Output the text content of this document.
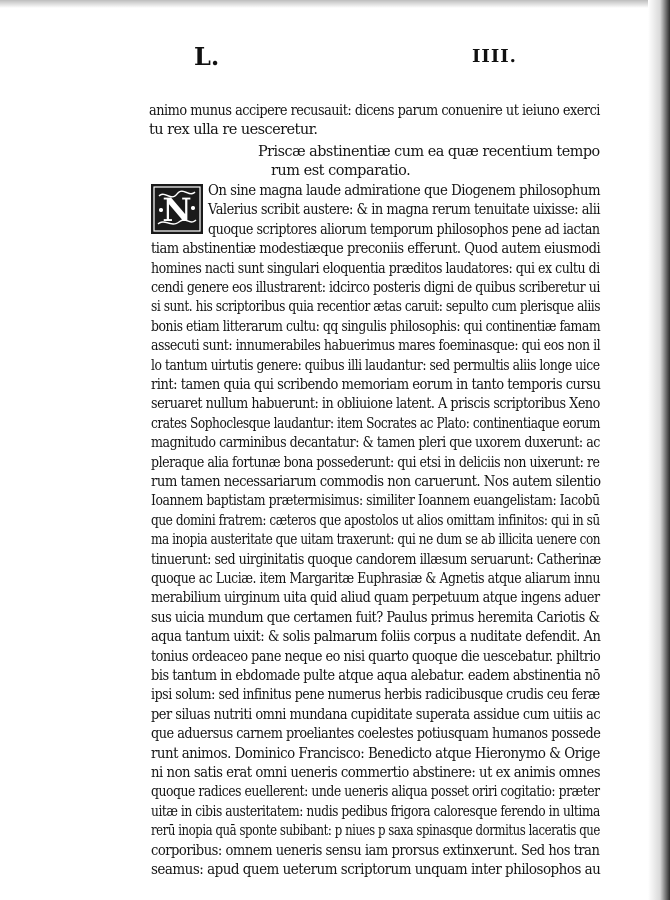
L.	IIII.
animo munus accipere recusauit: dicens parum conuenire ut ieiuno exerci
tu rex ulla re uesceretur.
Priscæ abstinentiæ cum ea quæ recentium tempo
rum est comparatio.
N On sine magna laude admiratione que Diogenem philosophum
Valerius scribit austere: & in magna rerum tenuitate uixisse: alii
quoque scriptores aliorum temporum philosophos pene ad iactan
tiam abstinentiæ modestiæque preconiis efferunt. Quod autem eiusmodi
homines nacti sunt singulari eloquentia præditos laudatores: qui ex cultu di
cendi genere eos illustrarent: idcirco posteris digni de quibus scriberetur ui
si sunt. his scriptoribus quia recentior ætas caruit: sepulto cum plerisque aliis
bonis etiam litterarum cultu: qq singulis philosophis: qui continentiæ famam
assecuti sunt: innumerabiles habuerimus mares foeminasque: qui eos non il
lo tantum uirtutis genere: quibus illi laudantur: sed permultis aliis longe uice
rint: tamen quia qui scribendo memoriam eorum in tanto temporis cursu
seruaret nullum habuerunt: in obliuione latent. A priscis scriptoribus Xeno
crates Sophoclesque laudantur: item Socrates ac Plato: continentiaque eorum
magnitudo carminibus decantatur: & tamen pleri que uxorem duxerunt: ac
pleraque alia fortunæ bona possederunt: qui etsi in deliciis non uixerunt: re
rum tamen necessariarum commodis non caruerunt. Nos autem silentio
Ioannem baptistam prætermisimus: similiter Ioannem euangelistam: Iacobū
que domini fratrem: cæteros que apostolos ut alios omittam infinitos: qui in sū
ma inopia austeritate que uitam traxerunt: qui ne dum se ab illicita uenere con
tinuerunt: sed uirginitatis quoque candorem illæsum seruarunt: Catherinæ
quoque ac Luciæ. item Margaritæ Euphrasiæ & Agnetis atque aliarum innu
merabilium uirginum uita quid aliud quam perpetuum atque ingens aduer
sus uicia mundum que certamen fuit? Paulus primus heremita Cariotis &
aqua tantum uixit: & solis palmarum foliis corpus a nuditate defendit. An
tonius ordeaceo pane neque eo nisi quarto quoque die uescebatur. philtrio
bis tantum in ebdomade pulte atque aqua alebatur. eadem abstinentia nō
ipsi solum: sed infinitus pene numerus herbis radicibusque crudis ceu feræ
per siluas nutriti omni mundana cupiditate superata assidue cum uitiis ac
que aduersus carnem proeliantes coelestes potiusquam humanos possede
runt animos. Dominico Francisco: Benedicto atque Hieronymo & Orige
ni non satis erat omni ueneris commertio abstinere: ut ex animis omnes
quoque radices euellerent: unde ueneris aliqua posset oriri cogitatio: præter
uitæ in cibis austeritatem: nudis pedibus frigora caloresque ferendo in ultima
rerū inopia quā sponte subibant: p niues p saxa spinasque dormitus laceratis que
corporibus: omnem ueneris sensu iam prorsus extinxerunt. Sed hos tran
seamus: apud quem ueterum scriptorum unquam inter philosophos au
